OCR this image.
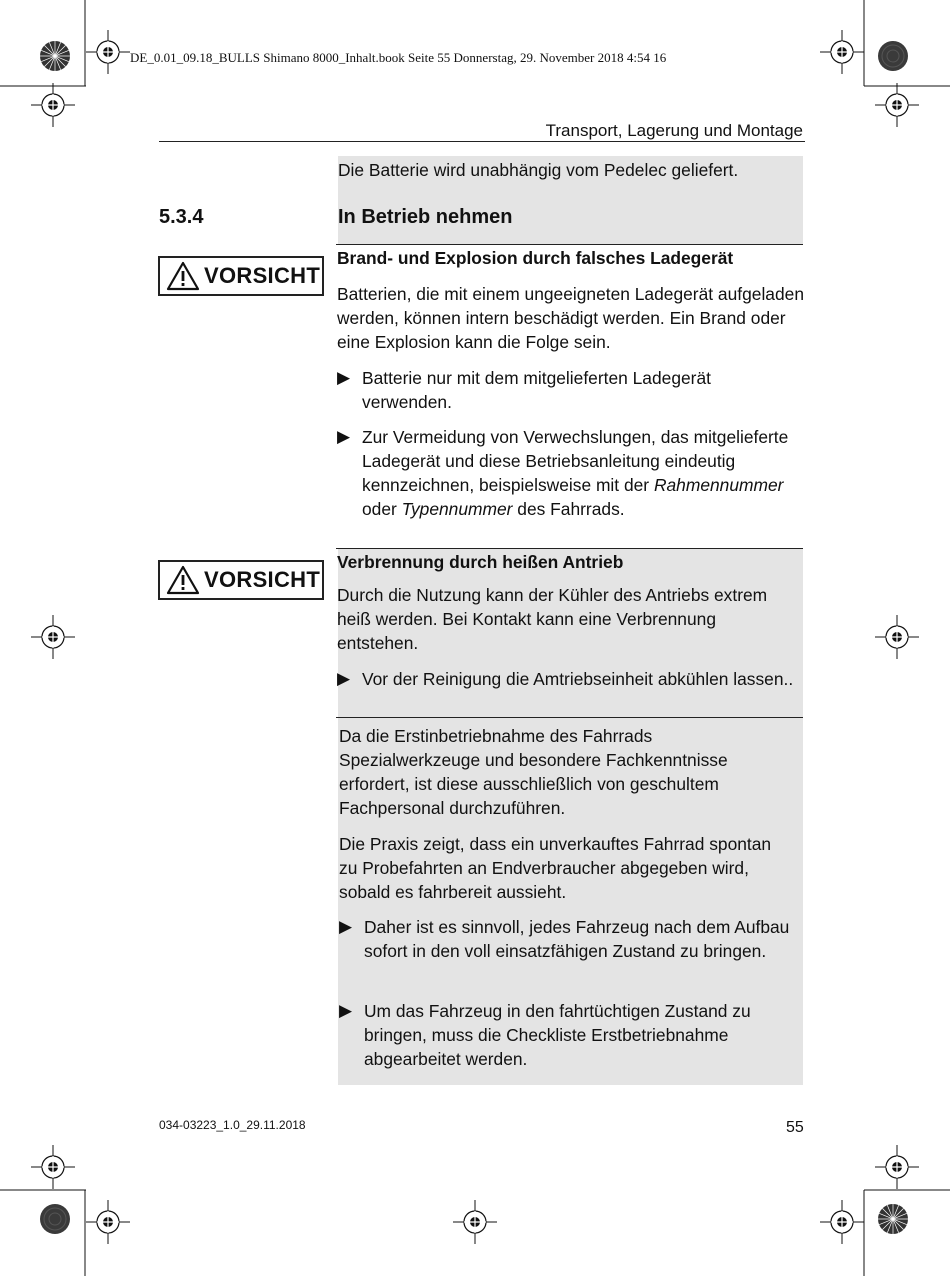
DE_0.01_09.18_BULLS Shimano 8000_Inhalt.book Seite 55 Donnerstag, 29. November 2018 4:54 16
Transport, Lagerung und Montage
Die Batterie wird unabhängig vom Pedelec geliefert.
5.3.4	In Betrieb nehmen
VORSICHT
Brand- und Explosion durch falsches Ladegerät
Batterien, die mit einem ungeeigneten Ladegerät aufgeladen werden, können intern beschädigt werden. Ein Brand oder eine Explosion kann die Folge sein.
▶ Batterie nur mit dem mitgelieferten Ladegerät verwenden.
▶ Zur Vermeidung von Verwechslungen, das mitgelieferte Ladegerät und diese Betriebsanleitung eindeutig kennzeichnen, beispielsweise mit der Rahmennummer oder Typennummer des Fahrrads.
VORSICHT
Verbrennung durch heißen Antrieb
Durch die Nutzung kann der Kühler des Antriebs extrem heiß werden. Bei Kontakt kann eine Verbrennung entstehen.
▶ Vor der Reinigung die Amtriebseinheit abkühlen lassen..
Da die Erstinbetriebnahme des Fahrrads Spezialwerkzeuge und besondere Fachkenntnisse erfordert, ist diese ausschließlich von geschultem Fachpersonal durchzuführen.
Die Praxis zeigt, dass ein unverkauftes Fahrrad spontan zu Probefahrten an Endverbraucher abgegeben wird, sobald es fahrbereit aussieht.
▶ Daher ist es sinnvoll, jedes Fahrzeug nach dem Aufbau sofort in den voll einsatzfähigen Zustand zu bringen.
▶ Um das Fahrzeug in den fahrtüchtigen Zustand zu bringen, muss die Checkliste Erstbetriebnahme abgearbeitet werden.
034-03223_1.0_29.11.2018	55
